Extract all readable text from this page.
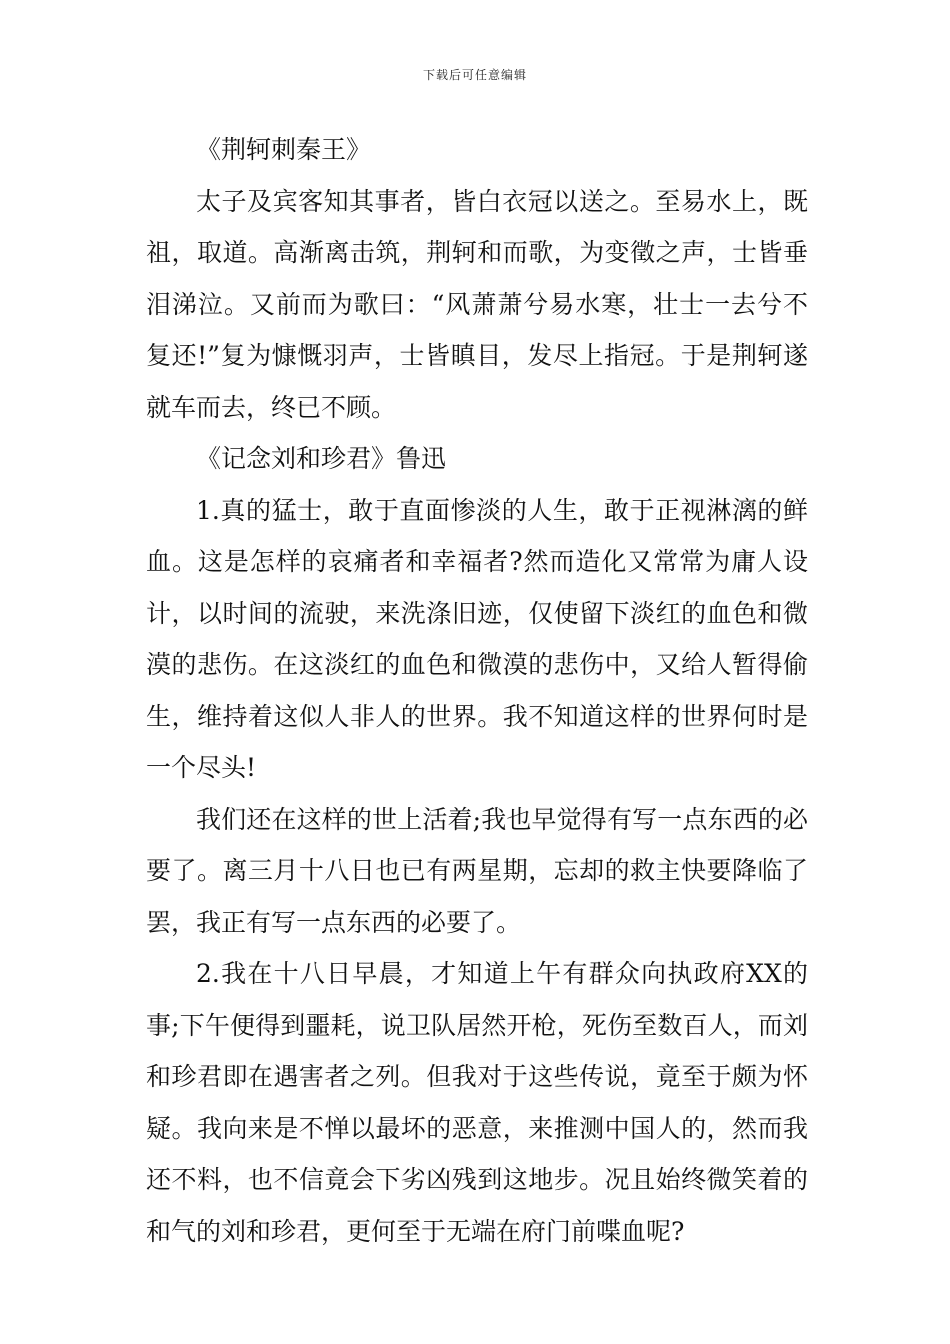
下载后可任意编辑

《荆轲刺秦王》

太子及宾客知其事者，皆白衣冠以送之。至易水上，既祖，取道。高渐离击筑，荆轲和而歌，为变徵之声，士皆垂泪涕泣。又前而为歌曰：“风萧萧兮易水寒，壮士一去兮不复还!”复为慷慨羽声，士皆瞋目，发尽上指冠。于是荆轲遂就车而去，终已不顾。

《记念刘和珍君》鲁迅

1.真的猛士，敢于直面惨淡的人生，敢于正视淋漓的鲜血。这是怎样的哀痛者和幸福者?然而造化又常常为庸人设计，以时间的流驶，来洗涤旧迹，仅使留下淡红的血色和微漠的悲伤。在这淡红的血色和微漠的悲伤中，又给人暂得偷生，维持着这似人非人的世界。我不知道这样的世界何时是一个尽头!

我们还在这样的世上活着;我也早觉得有写一点东西的必要了。离三月十八日也已有两星期，忘却的救主快要降临了罢，我正有写一点东西的必要了。

2.我在十八日早晨，才知道上午有群众向执政府XX的事;下午便得到噩耗，说卫队居然开枪，死伤至数百人，而刘和珍君即在遇害者之列。但我对于这些传说，竟至于颇为怀疑。我向来是不惮以最坏的恶意，来推测中国人的，然而我还不料，也不信竟会下劣凶残到这地步。况且始终微笑着的和气的刘和珍君，更何至于无端在府门前喋血呢?
